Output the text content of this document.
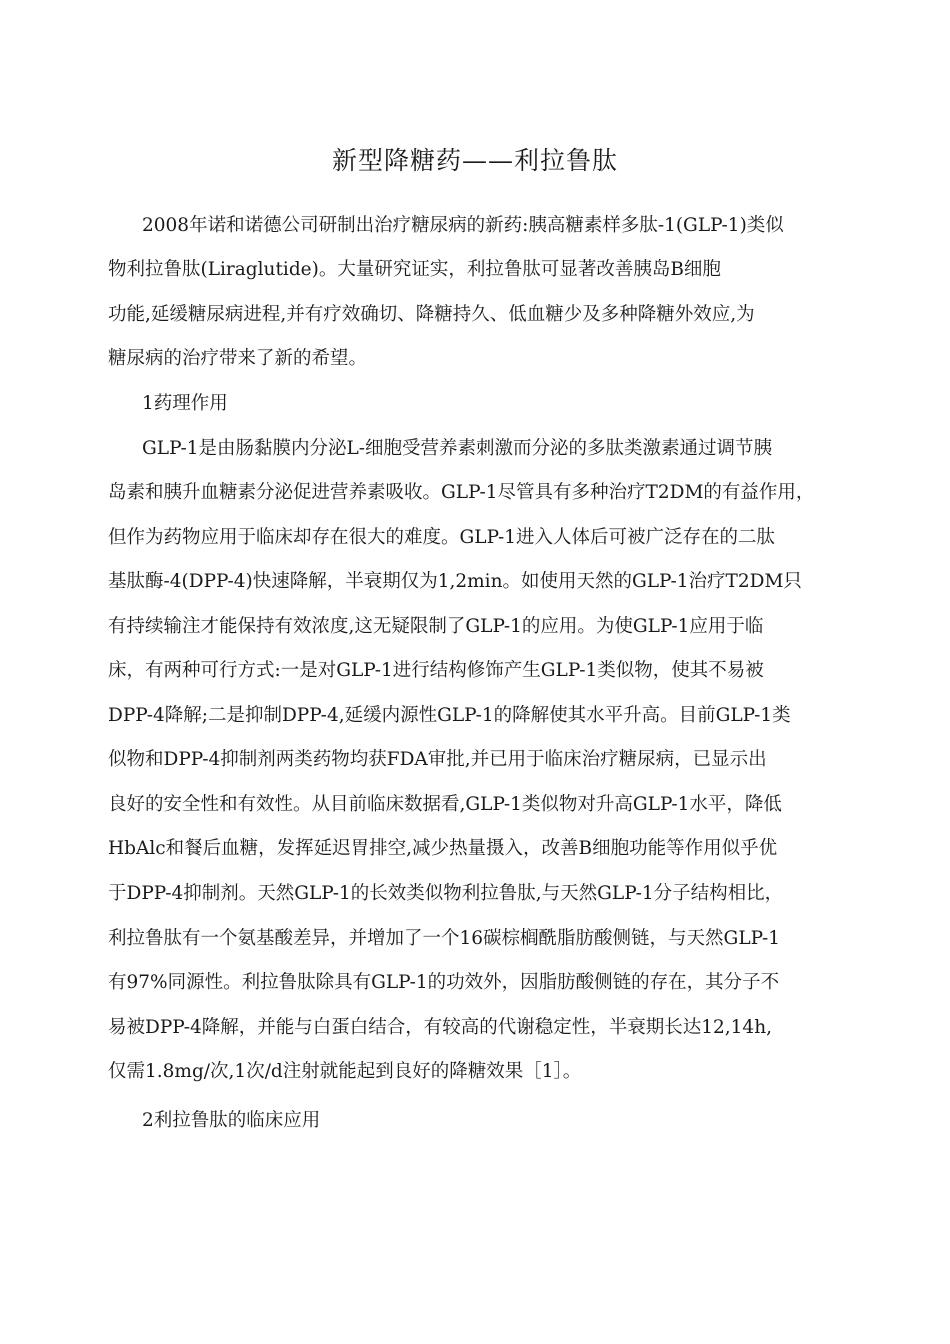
新型降糖药——利拉鲁肽
2008年诺和诺德公司研制出治疗糖尿病的新药:胰高糖素样多肽-1(GLP-1)类似
物利拉鲁肽(Liraglutide)。大量研究证实，利拉鲁肽可显著改善胰岛B细胞
功能,延缓糖尿病进程,并有疗效确切、降糖持久、低血糖少及多种降糖外效应,为
糖尿病的治疗带来了新的希望。
1药理作用
GLP-1是由肠黏膜内分泌L-细胞受营养素刺激而分泌的多肽类激素通过调节胰
岛素和胰升血糖素分泌促进营养素吸收。GLP-1尽管具有多种治疗T2DM的有益作用，
但作为药物应用于临床却存在很大的难度。GLP-1进入人体后可被广泛存在的二肽
基肽酶-4(DPP-4)快速降解，半衰期仅为1,2min。如使用天然的GLP-1治疗T2DM只
有持续输注才能保持有效浓度,这无疑限制了GLP-1的应用。为使GLP-1应用于临
床，有两种可行方式:一是对GLP-1进行结构修饰产生GLP-1类似物，使其不易被
DPP-4降解;二是抑制DPP-4,延缓内源性GLP-1的降解使其水平升高。目前GLP-1类
似物和DPP-4抑制剂两类药物均获FDA审批,并已用于临床治疗糖尿病，已显示出
良好的安全性和有效性。从目前临床数据看,GLP-1类似物对升高GLP-1水平，降低
HbAlc和餐后血糖，发挥延迟胃排空,减少热量摄入，改善B细胞功能等作用似乎优
于DPP-4抑制剂。天然GLP-1的长效类似物利拉鲁肽,与天然GLP-1分子结构相比，
利拉鲁肽有一个氨基酸差异，并增加了一个16碳棕榈酰脂肪酸侧链，与天然GLP-1
有97%同源性。利拉鲁肽除具有GLP-1的功效外，因脂肪酸侧链的存在，其分子不
易被DPP-4降解，并能与白蛋白结合，有较高的代谢稳定性，半衰期长达12,14h,
仅需1.8mg/次,1次/d注射就能起到良好的降糖效果［1］。
2利拉鲁肽的临床应用
